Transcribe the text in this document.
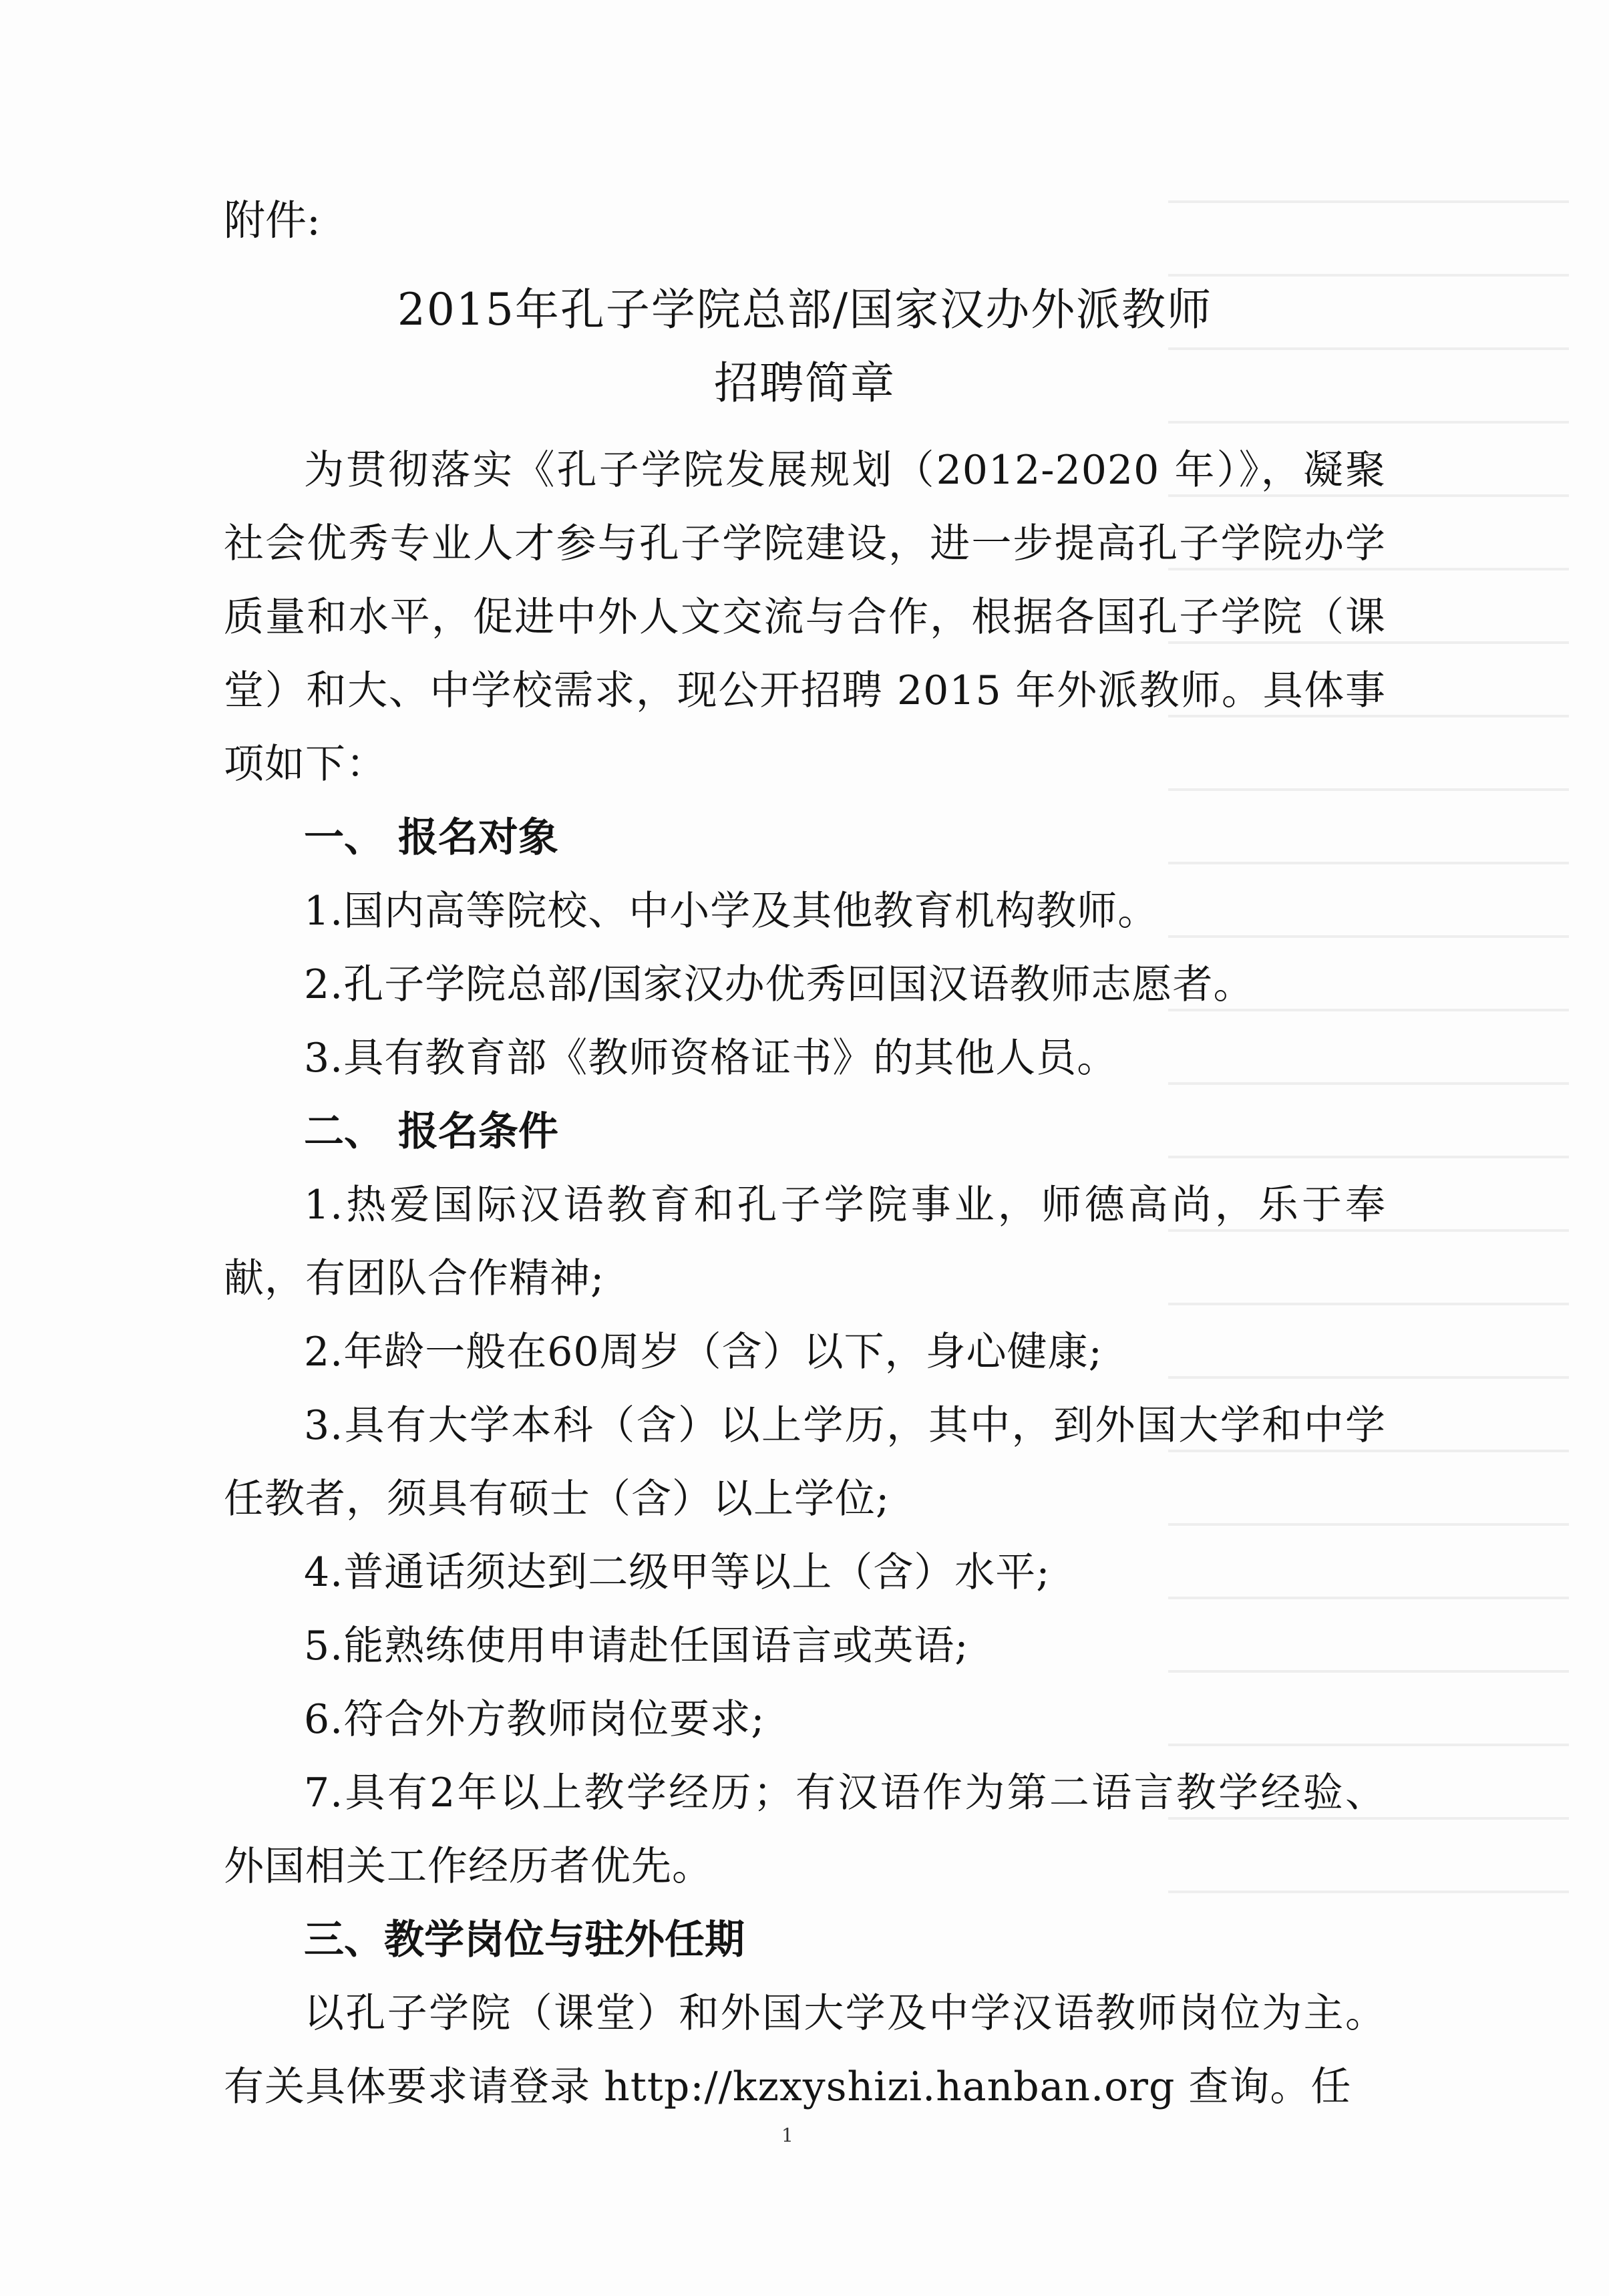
附件:

2015年孔子学院总部/国家汉办外派教师

招聘简章

为贯彻落实《孔子学院发展规划（2012-2020 年）》，凝聚社会优秀专业人才参与孔子学院建设，进一步提高孔子学院办学质量和水平，促进中外人文交流与合作，根据各国孔子学院（课堂）和大、中学校需求，现公开招聘 2015 年外派教师。具体事项如下：

一、 报名对象

1.国内高等院校、中小学及其他教育机构教师。

2.孔子学院总部/国家汉办优秀回国汉语教师志愿者。

3.具有教育部《教师资格证书》的其他人员。

二、 报名条件

1.热爱国际汉语教育和孔子学院事业，师德高尚，乐于奉献，有团队合作精神;

2.年龄一般在60周岁（含）以下，身心健康;

3.具有大学本科（含）以上学历，其中，到外国大学和中学任教者，须具有硕士（含）以上学位;

4.普通话须达到二级甲等以上（含）水平;

5.能熟练使用申请赴任国语言或英语;

6.符合外方教师岗位要求;

7.具有2年以上教学经历；有汉语作为第二语言教学经验、外国相关工作经历者优先。

三、教学岗位与驻外任期

以孔子学院（课堂）和外国大学及中学汉语教师岗位为主。有关具体要求请登录 http://kzxyshizi.hanban.org 查询。任

1
